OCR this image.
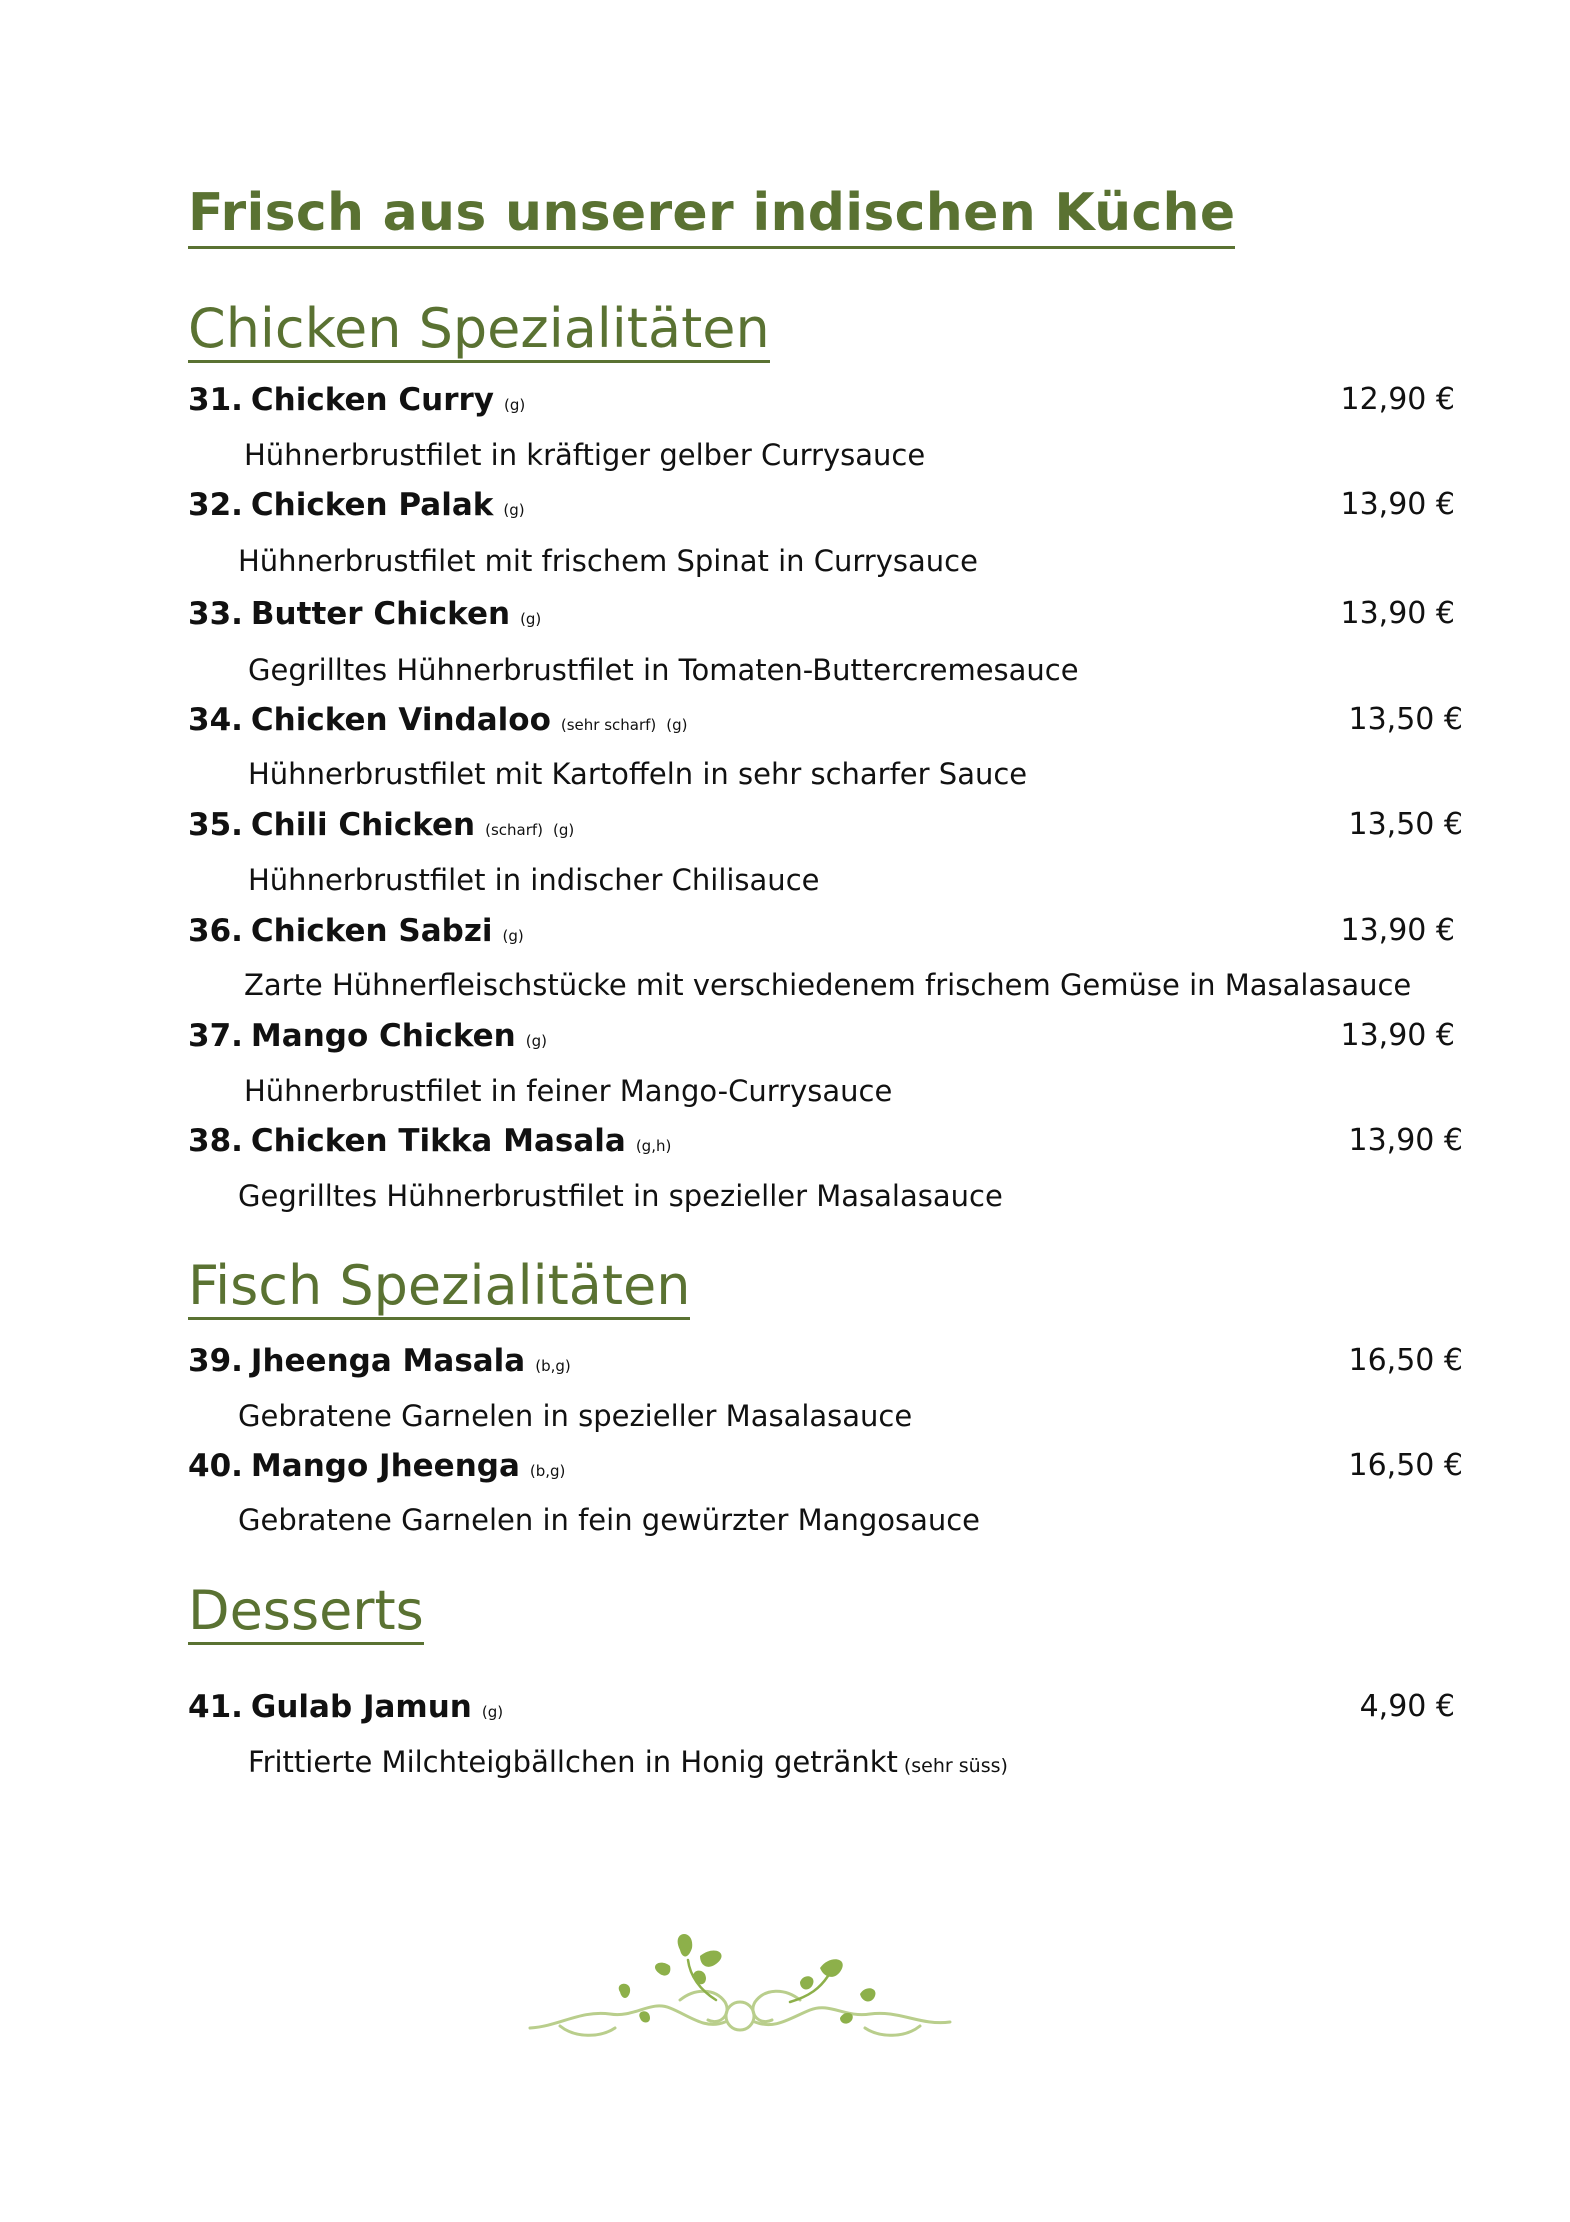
Frisch aus unserer indischen Küche
Chicken Spezialitäten
31. Chicken Curry (g)	12,90 €
Hühnerbrustfilet in kräftiger gelber Currysauce
32. Chicken Palak (g)	13,90 €
Hühnerbrustfilet mit frischem Spinat in Currysauce
33. Butter Chicken (g)	13,90 €
Gegrilltes Hühnerbrustfilet in Tomaten-Buttercremesauce
34. Chicken Vindaloo (sehr scharf) (g)	13,50 €
Hühnerbrustfilet mit Kartoffeln in sehr scharfer Sauce
35. Chili Chicken (scharf) (g)	13,50 €
Hühnerbrustfilet in indischer Chilisauce
36. Chicken Sabzi (g)	13,90 €
Zarte Hühnerfleischstücke mit verschiedenem frischem Gemüse in Masalasauce
37. Mango Chicken (g)	13,90 €
Hühnerbrustfilet in feiner Mango-Currysauce
38. Chicken Tikka Masala (g,h)	13,90 €
Gegrilltes Hühnerbrustfilet in spezieller Masalasauce
Fisch Spezialitäten
39. Jheenga Masala (b,g)	16,50 €
Gebratene Garnelen in spezieller Masalasauce
40. Mango Jheenga (b,g)	16,50 €
Gebratene Garnelen in fein gewürzter Mangosauce
Desserts
41. Gulab Jamun (g)	4,90 €
Frittierte Milchteigbällchen in Honig getränkt (sehr süss)
